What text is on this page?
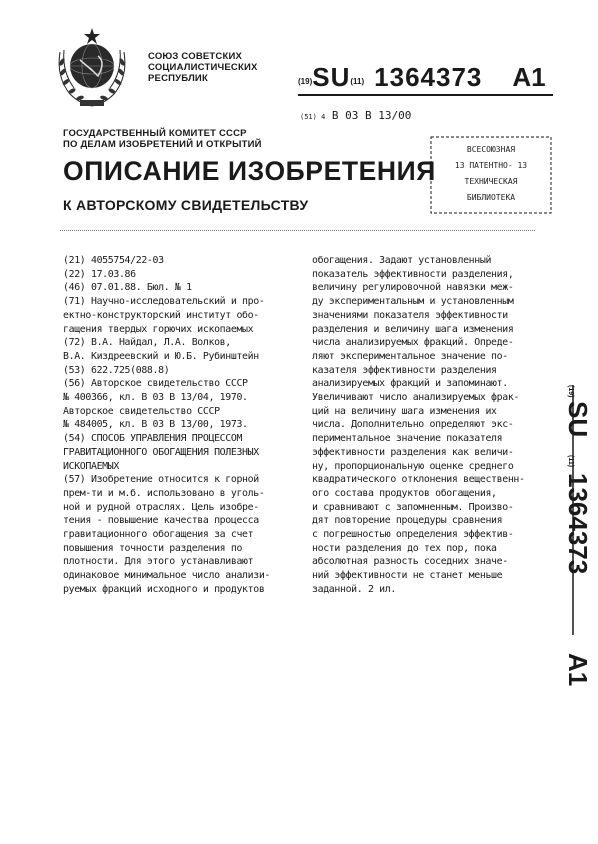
СОЮЗ СОВЕТСКИХ
СОЦИАЛИСТИЧЕСКИХ
РЕСПУБЛИК	(19)SU(11) 1364373 A1
(51) 4 B 03 B 13/00
ГОСУДАРСТВЕННЫЙ КОМИТЕТ СССР
ПО ДЕЛАМ ИЗОБРЕТЕНИЙ И ОТКРЫТИЙ	ВСЕСОЮЗНАЯ
13 ПАТЕНТНО- 13
ТЕХНИЧЕСКАЯ
БИБЛИОТЕКА
ОПИСАНИЕ ИЗОБРЕТЕНИЯ
К АВТОРСКОМУ СВИДЕТЕЛЬСТВУ
(21) 4055754/22-03
(22) 17.03.86
(46) 07.01.88. Бюл. № 1
(71) Научно-исследовательский и про-
ектно-конструкторский институт обо-
гащения твердых горючих ископаемых
(72) В.А. Найдал, Л.А. Волков,
В.А. Киздреевский и Ю.Б. Рубинштейн
(53) 622.725(088.8)
(56) Авторское свидетельство СССР
№ 400366, кл. В 03 В 13/04, 1970.
Авторское свидетельство СССР
№ 484005, кл. В 03 В 13/00, 1973.
(54) СПОСОБ УПРАВЛЕНИЯ ПРОЦЕССОМ
ГРАВИТАЦИОННОГО ОБОГАЩЕНИЯ ПОЛЕЗНЫХ
ИСКОПАЕМЫХ
(57) Изобретение относится к горной
прем-ти и м.б. использовано в уголь-
ной и рудной отраслях. Цель изобре-
тения - повышение качества процесса
гравитационного обогащения за счет
повышения точности разделения по
плотности. Для этого устанавливают
одинаковое минимальное число анализи-
руемых фракций исходного и продуктов
обогащения. Задают установленный
показатель эффективности разделения,
величину регулировочной навязки меж-
ду экспериментальным и установленным
значениями показателя эффективности
разделения и величину шага изменения
числа анализируемых фракций. Опреде-
ляют экспериментальное значение по-
казателя эффективности разделения
анализируемых фракций и запоминают.
Увеличивают число анализируемых фрак-
ций на величину шага изменения их
числа. Дополнительно определяют экс-
периментальное значение показателя
эффективности разделения как величи-
ну, пропорциональную оценке среднего
квадратического отклонения вещественн-
ого состава продуктов обогащения,
и сравнивают с запомненным. Произво-
дят повторение процедуры сравнения
с погрешностью определения эффектив-
ности разделения до тех пор, пока
абсолютная разность соседних значе-
ний эффективности не станет меньше
заданной. 2 ил.
(19)
SU
(11)
1364373
A1
